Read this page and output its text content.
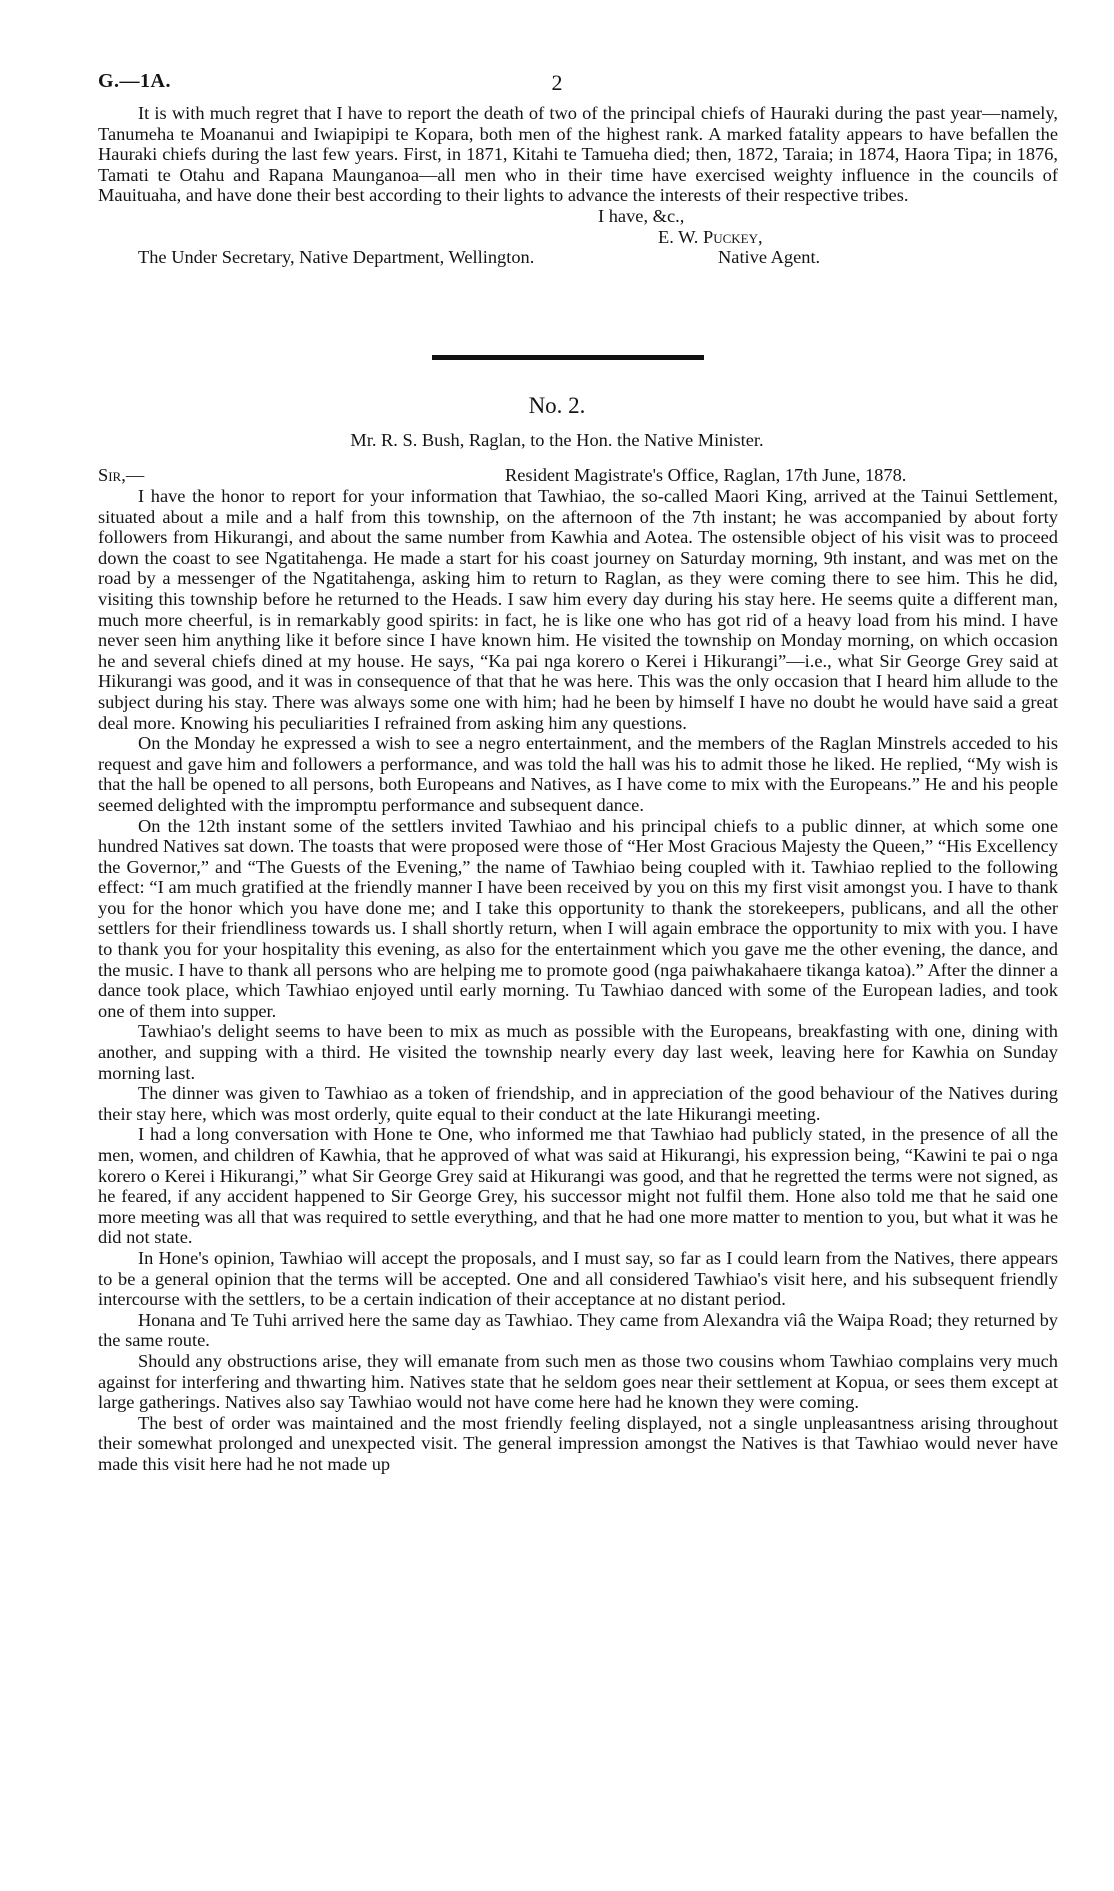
G.—1A.	2

It is with much regret that I have to report the death of two of the principal chiefs of Hauraki during the past year—namely, Tanumeha te Moananui and Iwiapipipi te Kopara, both men of the highest rank. A marked fatality appears to have befallen the Hauraki chiefs during the last few years. First, in 1871, Kitahi te Tamueha died; then, 1872, Taraia; in 1874, Haora Tipa; in 1876, Tamati te Otahu and Rapana Maunganoa—all men who in their time have exercised weighty influence in the councils of Mauituaha, and have done their best according to their lights to advance the interests of their respective tribes.

I have, &c.,
E. W. Puckey,
The Under Secretary, Native Department, Wellington.	Native Agent.
No. 2.
Mr. R. S. Bush, Raglan, to the Hon. the Native Minister.
Sir,—	Resident Magistrate's Office, Raglan, 17th June, 1878.

I have the honor to report for your information that Tawhiao, the so-called Maori King, arrived at the Tainui Settlement, situated about a mile and a half from this township, on the afternoon of the 7th instant; he was accompanied by about forty followers from Hikurangi, and about the same number from Kawhia and Aotea. The ostensible object of his visit was to proceed down the coast to see Ngatitahenga. He made a start for his coast journey on Saturday morning, 9th instant, and was met on the road by a messenger of the Ngatitahenga, asking him to return to Raglan, as they were coming there to see him. This he did, visiting this township before he returned to the Heads. I saw him every day during his stay here. He seems quite a different man, much more cheerful, is in remarkably good spirits: in fact, he is like one who has got rid of a heavy load from his mind. I have never seen him anything like it before since I have known him. He visited the township on Monday morning, on which occasion he and several chiefs dined at my house. He says, “Ka pai nga korero o Kerei i Hikurangi”—i.e., what Sir George Grey said at Hikurangi was good, and it was in consequence of that that he was here. This was the only occasion that I heard him allude to the subject during his stay. There was always some one with him; had he been by himself I have no doubt he would have said a great deal more. Knowing his peculiarities I refrained from asking him any questions.

On the Monday he expressed a wish to see a negro entertainment, and the members of the Raglan Minstrels acceded to his request and gave him and followers a performance, and was told the hall was his to admit those he liked. He replied, “My wish is that the hall be opened to all persons, both Europeans and Natives, as I have come to mix with the Europeans.” He and his people seemed delighted with the impromptu performance and subsequent dance.

On the 12th instant some of the settlers invited Tawhiao and his principal chiefs to a public dinner, at which some one hundred Natives sat down. The toasts that were proposed were those of “Her Most Gracious Majesty the Queen,” “His Excellency the Governor,” and “The Guests of the Evening,” the name of Tawhiao being coupled with it. Tawhiao replied to the following effect: “I am much gratified at the friendly manner I have been received by you on this my first visit amongst you. I have to thank you for the honor which you have done me; and I take this opportunity to thank the storekeepers, publicans, and all the other settlers for their friendliness towards us. I shall shortly return, when I will again embrace the opportunity to mix with you. I have to thank you for your hospitality this evening, as also for the entertainment which you gave me the other evening, the dance, and the music. I have to thank all persons who are helping me to promote good (nga paiwhakahaere tikanga katoa).” After the dinner a dance took place, which Tawhiao enjoyed until early morning. Tu Tawhiao danced with some of the European ladies, and took one of them into supper.

Tawhiao's delight seems to have been to mix as much as possible with the Europeans, breakfasting with one, dining with another, and supping with a third. He visited the township nearly every day last week, leaving here for Kawhia on Sunday morning last.

The dinner was given to Tawhiao as a token of friendship, and in appreciation of the good behaviour of the Natives during their stay here, which was most orderly, quite equal to their conduct at the late Hikurangi meeting.

I had a long conversation with Hone te One, who informed me that Tawhiao had publicly stated, in the presence of all the men, women, and children of Kawhia, that he approved of what was said at Hikurangi, his expression being, “Kawini te pai o nga korero o Kerei i Hikurangi,” what Sir George Grey said at Hikurangi was good, and that he regretted the terms were not signed, as he feared, if any accident happened to Sir George Grey, his successor might not fulfil them. Hone also told me that he said one more meeting was all that was required to settle everything, and that he had one more matter to mention to you, but what it was he did not state.

In Hone's opinion, Tawhiao will accept the proposals, and I must say, so far as I could learn from the Natives, there appears to be a general opinion that the terms will be accepted. One and all considered Tawhiao's visit here, and his subsequent friendly intercourse with the settlers, to be a certain indication of their acceptance at no distant period.

Honana and Te Tuhi arrived here the same day as Tawhiao. They came from Alexandra viâ the Waipa Road; they returned by the same route.

Should any obstructions arise, they will emanate from such men as those two cousins whom Tawhiao complains very much against for interfering and thwarting him. Natives state that he seldom goes near their settlement at Kopua, or sees them except at large gatherings. Natives also say Tawhiao would not have come here had he known they were coming.

The best of order was maintained and the most friendly feeling displayed, not a single unpleasantness arising throughout their somewhat prolonged and unexpected visit. The general impression amongst the Natives is that Tawhiao would never have made this visit here had he not made up
